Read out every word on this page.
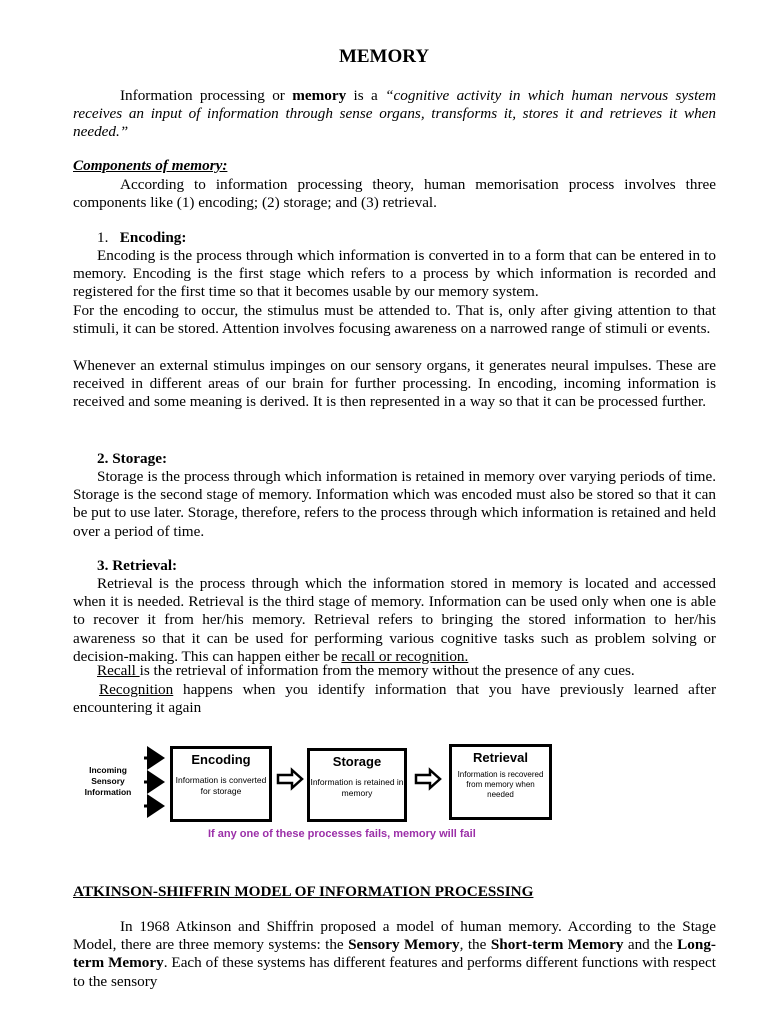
MEMORY
Information processing or memory is a “cognitive activity in which human nervous system receives an input of information through sense organs, transforms it, stores it and retrieves it when needed.”
Components of memory:
According to information processing theory, human memorisation process involves three components like (1) encoding; (2) storage; and (3) retrieval.
1. Encoding:
Encoding is the process through which information is converted in to a form that can be entered in to memory. Encoding is the first stage which refers to a process by which information is recorded and registered for the first time so that it becomes usable by our memory system.
For the encoding to occur, the stimulus must be attended to. That is, only after giving attention to that stimuli, it can be stored. Attention involves focusing awareness on a narrowed range of stimuli or events.
Whenever an external stimulus impinges on our sensory organs, it generates neural impulses. These are received in different areas of our brain for further processing. In encoding, incoming information is received and some meaning is derived. It is then represented in a way so that it can be processed further.
2. Storage:
Storage is the process through which information is retained in memory over varying periods of time. Storage is the second stage of memory. Information which was encoded must also be stored so that it can be put to use later. Storage, therefore, refers to the process through which information is retained and held over a period of time.
3. Retrieval:
Retrieval is the process through which the information stored in memory is located and accessed when it is needed. Retrieval is the third stage of memory. Information can be used only when one is able to recover it from her/his memory. Retrieval refers to bringing the stored information to her/his awareness so that it can be used for performing various cognitive tasks such as problem solving or decision-making. This can happen either be recall or recognition.
Recall is the retrieval of information from the memory without the presence of any cues.
Recognition happens when you identify information that you have previously learned after encountering it again
Incoming Sensory Information
Encoding
Information is converted for storage
Storage
Information is retained in memory
Retrieval
Information is recovered from memory when needed
If any one of these processes fails, memory will fail
ATKINSON-SHIFFRIN MODEL OF INFORMATION PROCESSING
In 1968 Atkinson and Shiffrin proposed a model of human memory. According to the Stage Model, there are three memory systems: the Sensory Memory, the Short-term Memory and the Long-term Memory. Each of these systems has different features and performs different functions with respect to the sensory
